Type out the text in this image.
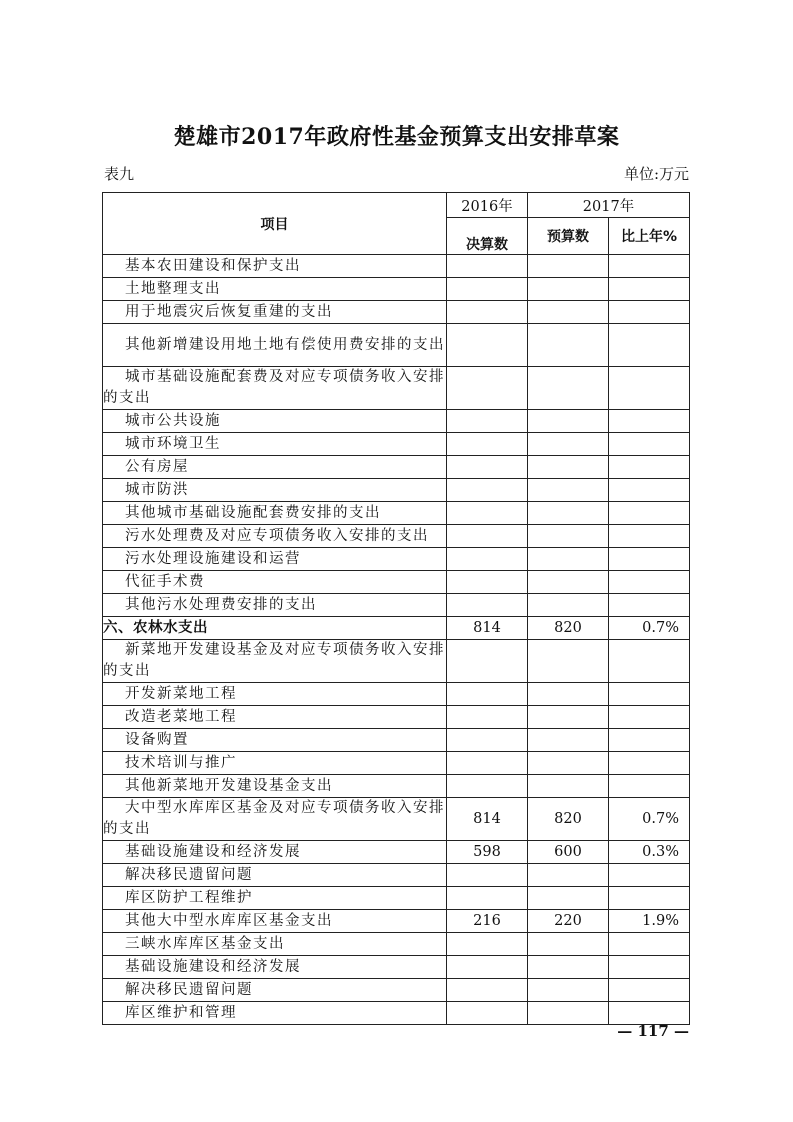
楚雄市2017年政府性基金预算支出安排草案
表九	单位:万元
项目	2016年	2017年	
	决算数	预算数	比上年%
基本农田建设和保护支出			
土地整理支出			
用于地震灾后恢复重建的支出			
其他新增建设用地土地有偿使用费安排的支出			
城市基础设施配套费及对应专项债务收入安排的支出			
城市公共设施			
城市环境卫生			
公有房屋			
城市防洪			
其他城市基础设施配套费安排的支出			
污水处理费及对应专项债务收入安排的支出			
污水处理设施建设和运营			
代征手术费			
其他污水处理费安排的支出			
六、农林水支出	814	820	0.7%
新菜地开发建设基金及对应专项债务收入安排的支出			
开发新菜地工程			
改造老菜地工程			
设备购置			
技术培训与推广			
其他新菜地开发建设基金支出			
大中型水库库区基金及对应专项债务收入安排的支出	814	820	0.7%
基础设施建设和经济发展	598	600	0.3%
解决移民遗留问题			
库区防护工程维护			
其他大中型水库库区基金支出	216	220	1.9%
三峡水库库区基金支出			
基础设施建设和经济发展			
解决移民遗留问题			
库区维护和管理			
— 117 —
